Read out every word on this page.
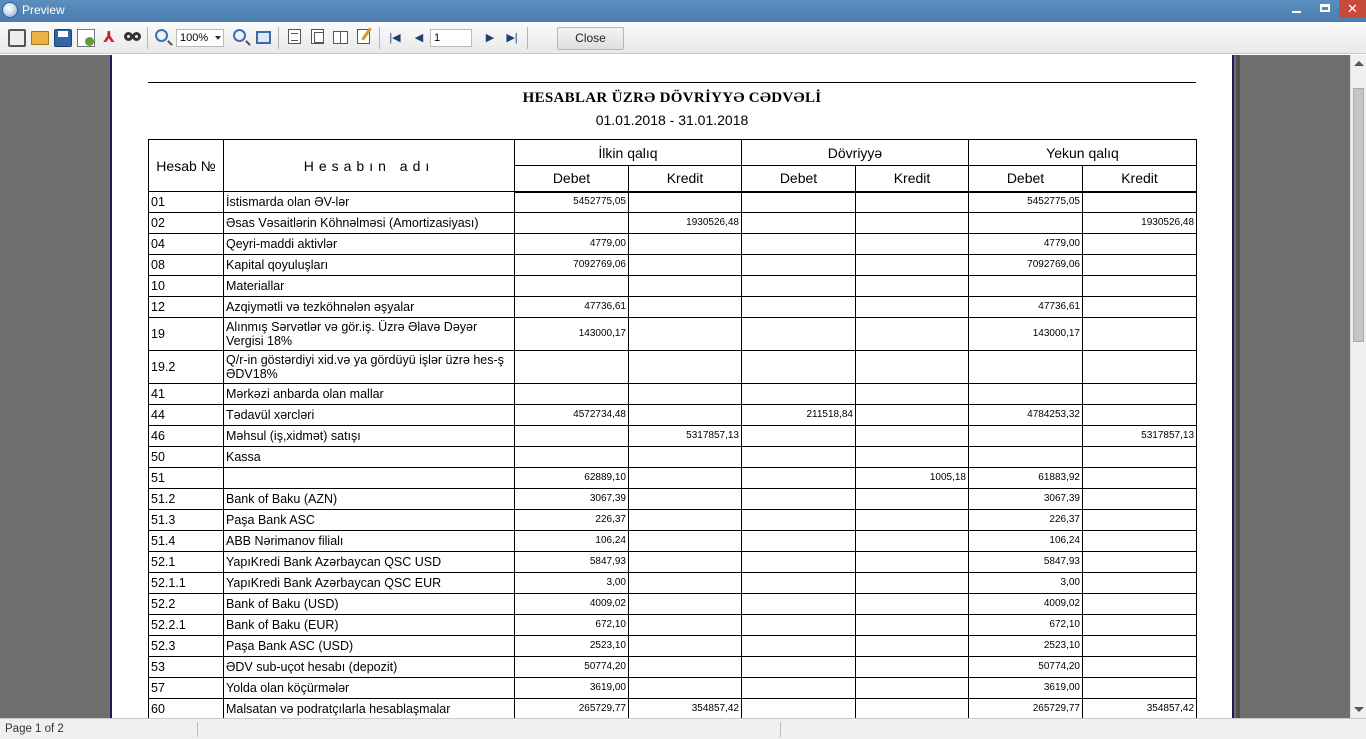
Preview	✕
⅄	|◀	◀	▶	▶|
100%	1	Close
HESABLAR ÜZRƏ DÖVRİYYƏ CƏDVƏLİ
01.01.2018 - 31.01.2018
Hesab №	Hesabın adı	İlkin qalıq		Dövriyyə		Yekun qalıq	
		Debet	Kredit	Debet	Kredit	Debet	Kredit
01	İstismarda olan ƏV-lər	5452775,05				5452775,05	
02	Əsas Vəsaitlərin Köhnəlməsi (Amortizasiyası)		1930526,48				1930526,48
04	Qeyri-maddi aktivlər	4779,00				4779,00	
08	Kapital qoyuluşları	7092769,06				7092769,06	
10	Materiallar						
12	Azqiymətli və tezköhnələn əşyalar	47736,61				47736,61	
19	Alınmış Sərvətlər və gör.iş. Üzrə Əlavə Dəyər Vergisi 18%	143000,17				143000,17	
19.2	Q/r-in göstərdiyi xid.və ya gördüyü işlər üzrə hes-ş ƏDV18%						
41	Mərkəzi anbarda olan mallar						
44	Tədavül xərcləri	4572734,48		211518,84		4784253,32	
46	Məhsul (iş,xidmət) satışı		5317857,13				5317857,13
50	Kassa						
51		62889,10			1005,18	61883,92	
51.2	Bank of Baku (AZN)	3067,39				3067,39	
51.3	Paşa Bank ASC	226,37				226,37	
51.4	ABB Nərimanov filialı	106,24				106,24	
52.1	YapıKredi Bank Azərbaycan QSC USD	5847,93				5847,93	
52.1.1	YapıKredi Bank Azərbaycan QSC EUR	3,00				3,00	
52.2	Bank of Baku (USD)	4009,02				4009,02	
52.2.1	Bank of Baku (EUR)	672,10				672,10	
52.3	Paşa Bank ASC (USD)	2523,10				2523,10	
53	ƏDV sub-uçot hesabı (depozit)	50774,20				50774,20	
57	Yolda olan köçürmələr	3619,00				3619,00	
60	Malsatan və podratçılarla hesablaşmalar	265729,77	354857,42			265729,77	354857,42

Page 1 of 2
